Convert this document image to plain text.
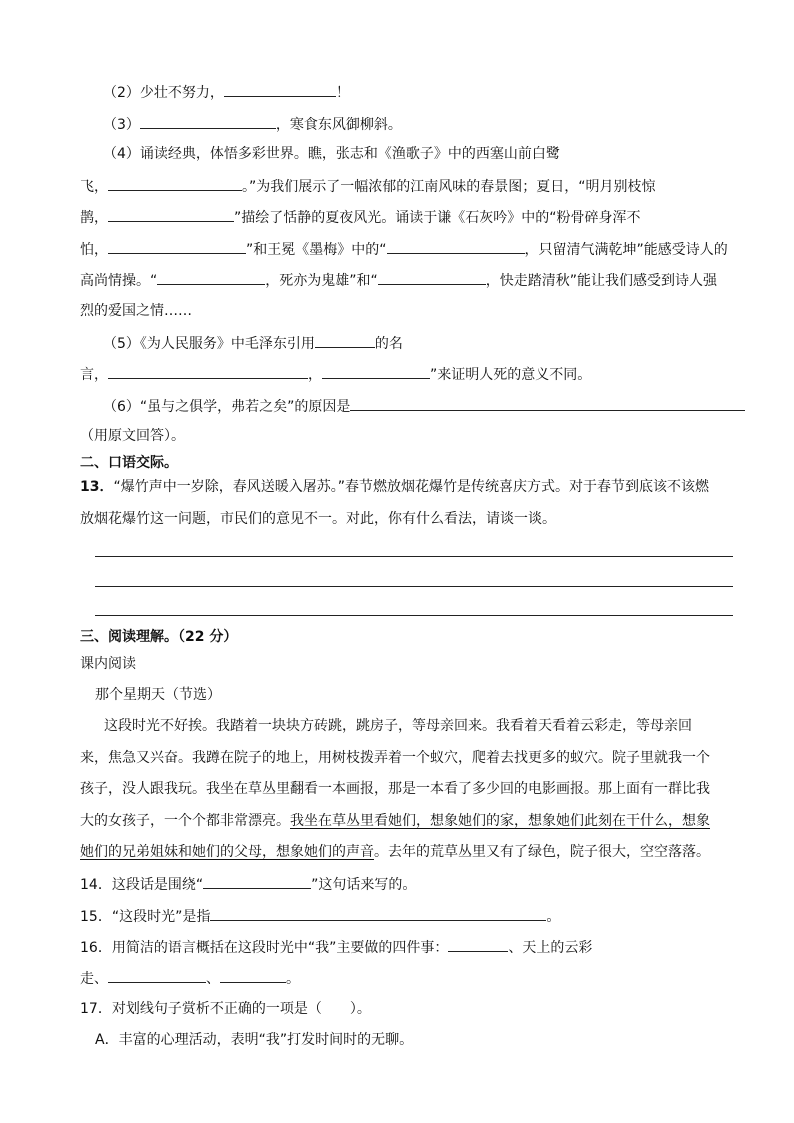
（2）少壮不努力，	！
（3）	，寒食东风御柳斜。
（4）诵读经典，体悟多彩世界。瞧，张志和《渔歌子》中的西塞山前白鹭
飞，	。”为我们展示了一幅浓郁的江南风味的春景图；夏日，“明月别枝惊
鹊，	”描绘了恬静的夏夜风光。诵读于谦《石灰吟》中的“粉骨碎身浑不
怕，	”和王冕《墨梅》中的“	，只留清气满乾坤”能感受诗人的
高尚情操。“	，死亦为鬼雄”和“	，快走踏清秋”能让我们感受到诗人强
烈的爱国之情……
（5）《为人民服务》中毛泽东引用	的名
言，	，	”来证明人死的意义不同。
（6）“虽与之俱学，弗若之矣”的原因是
（用原文回答）。
二、口语交际。
13．“爆竹声中一岁除，春风送暖入屠苏。”春节燃放烟花爆竹是传统喜庆方式。对于春节到底该不该燃
放烟花爆竹这一问题，市民们的意见不一。对此，你有什么看法，请谈一谈。
三、阅读理解。（22 分）
课内阅读
那个星期天（节选）
这段时光不好挨。我踏着一块块方砖跳，跳房子，等母亲回来。我看着天看着云彩走，等母亲回
来，焦急又兴奋。我蹲在院子的地上，用树枝拨弄着一个蚁穴，爬着去找更多的蚁穴。院子里就我一个
孩子，没人跟我玩。我坐在草丛里翻看一本画报，那是一本看了多少回的电影画报。那上面有一群比我
大的女孩子，一个个都非常漂亮。我坐在草丛里看她们，想象她们的家，想象她们此刻在干什么，想象
她们的兄弟姐妹和她们的父母，想象她们的声音。去年的荒草丛里又有了绿色，院子很大，空空落落。
14．这段话是围绕“	”这句话来写的。
15．“这段时光”是指	。
16．用简洁的语言概括在这段时光中“我”主要做的四件事：	、天上的云彩
走、	、	。
17．对划线句子赏析不正确的一项是（　　）。
A．丰富的心理活动，表明“我”打发时间时的无聊。
